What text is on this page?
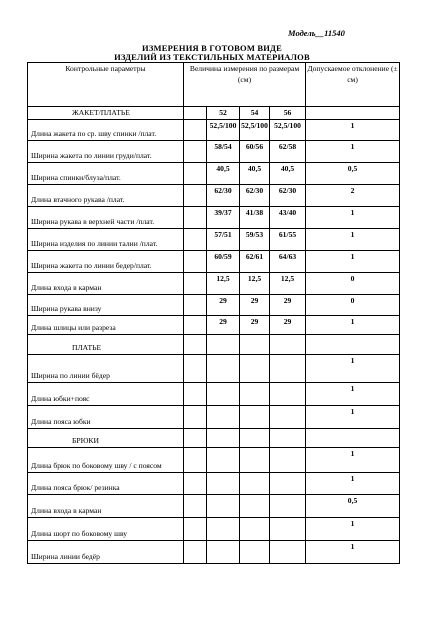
Модель__11540
ИЗМЕРЕНИЯ В ГОТОВОМ ВИДЕ
ИЗДЕЛИЙ ИЗ ТЕКСТИЛЬНЫХ МАТЕРИАЛОВ
Контрольные параметры	Величина измерения по размерам (см)				Допускаемое отклонение (± см)

ЖАКЕТ/ПЛАТЬЕ		52	54	56	

Длина жакета по ср. шву спинки /плат.		52,5/100	52,5/100	52,5/100	1

Ширина жакета по линии груди/плат.		58/54	60/56	62/58	1

Ширина спинки/блуза/плат.		40,5	40,5	40,5	0,5

Длина втачного рукава /плат.		62/30	62/30	62/30	2

Ширина рукава в верхней части /плат.		39/37	41/38	43/40	1

Ширина изделия по линии талии /плат.		57/51	59/53	61/55	1

Ширина жакета по линии бедер/плат.		60/59	62/61	64/63	1

Длина входа в карман		12,5	12,5	12,5	0

Ширина рукава внизу		29	29	29	0

Длина шлицы или разреза		29	29	29	1

ПЛАТЬЕ					

Ширина по линии бёдер					1

Длина юбки+пояс					1

Длина пояса юбки					1

БРЮКИ					

Длина брюк по боковому шву / с поясом					1

Длина пояса брюк/ резинка					1

Длина входа в карман					0,5

Длина шорт по боковому шву					1

Ширина линии бедёр					1
